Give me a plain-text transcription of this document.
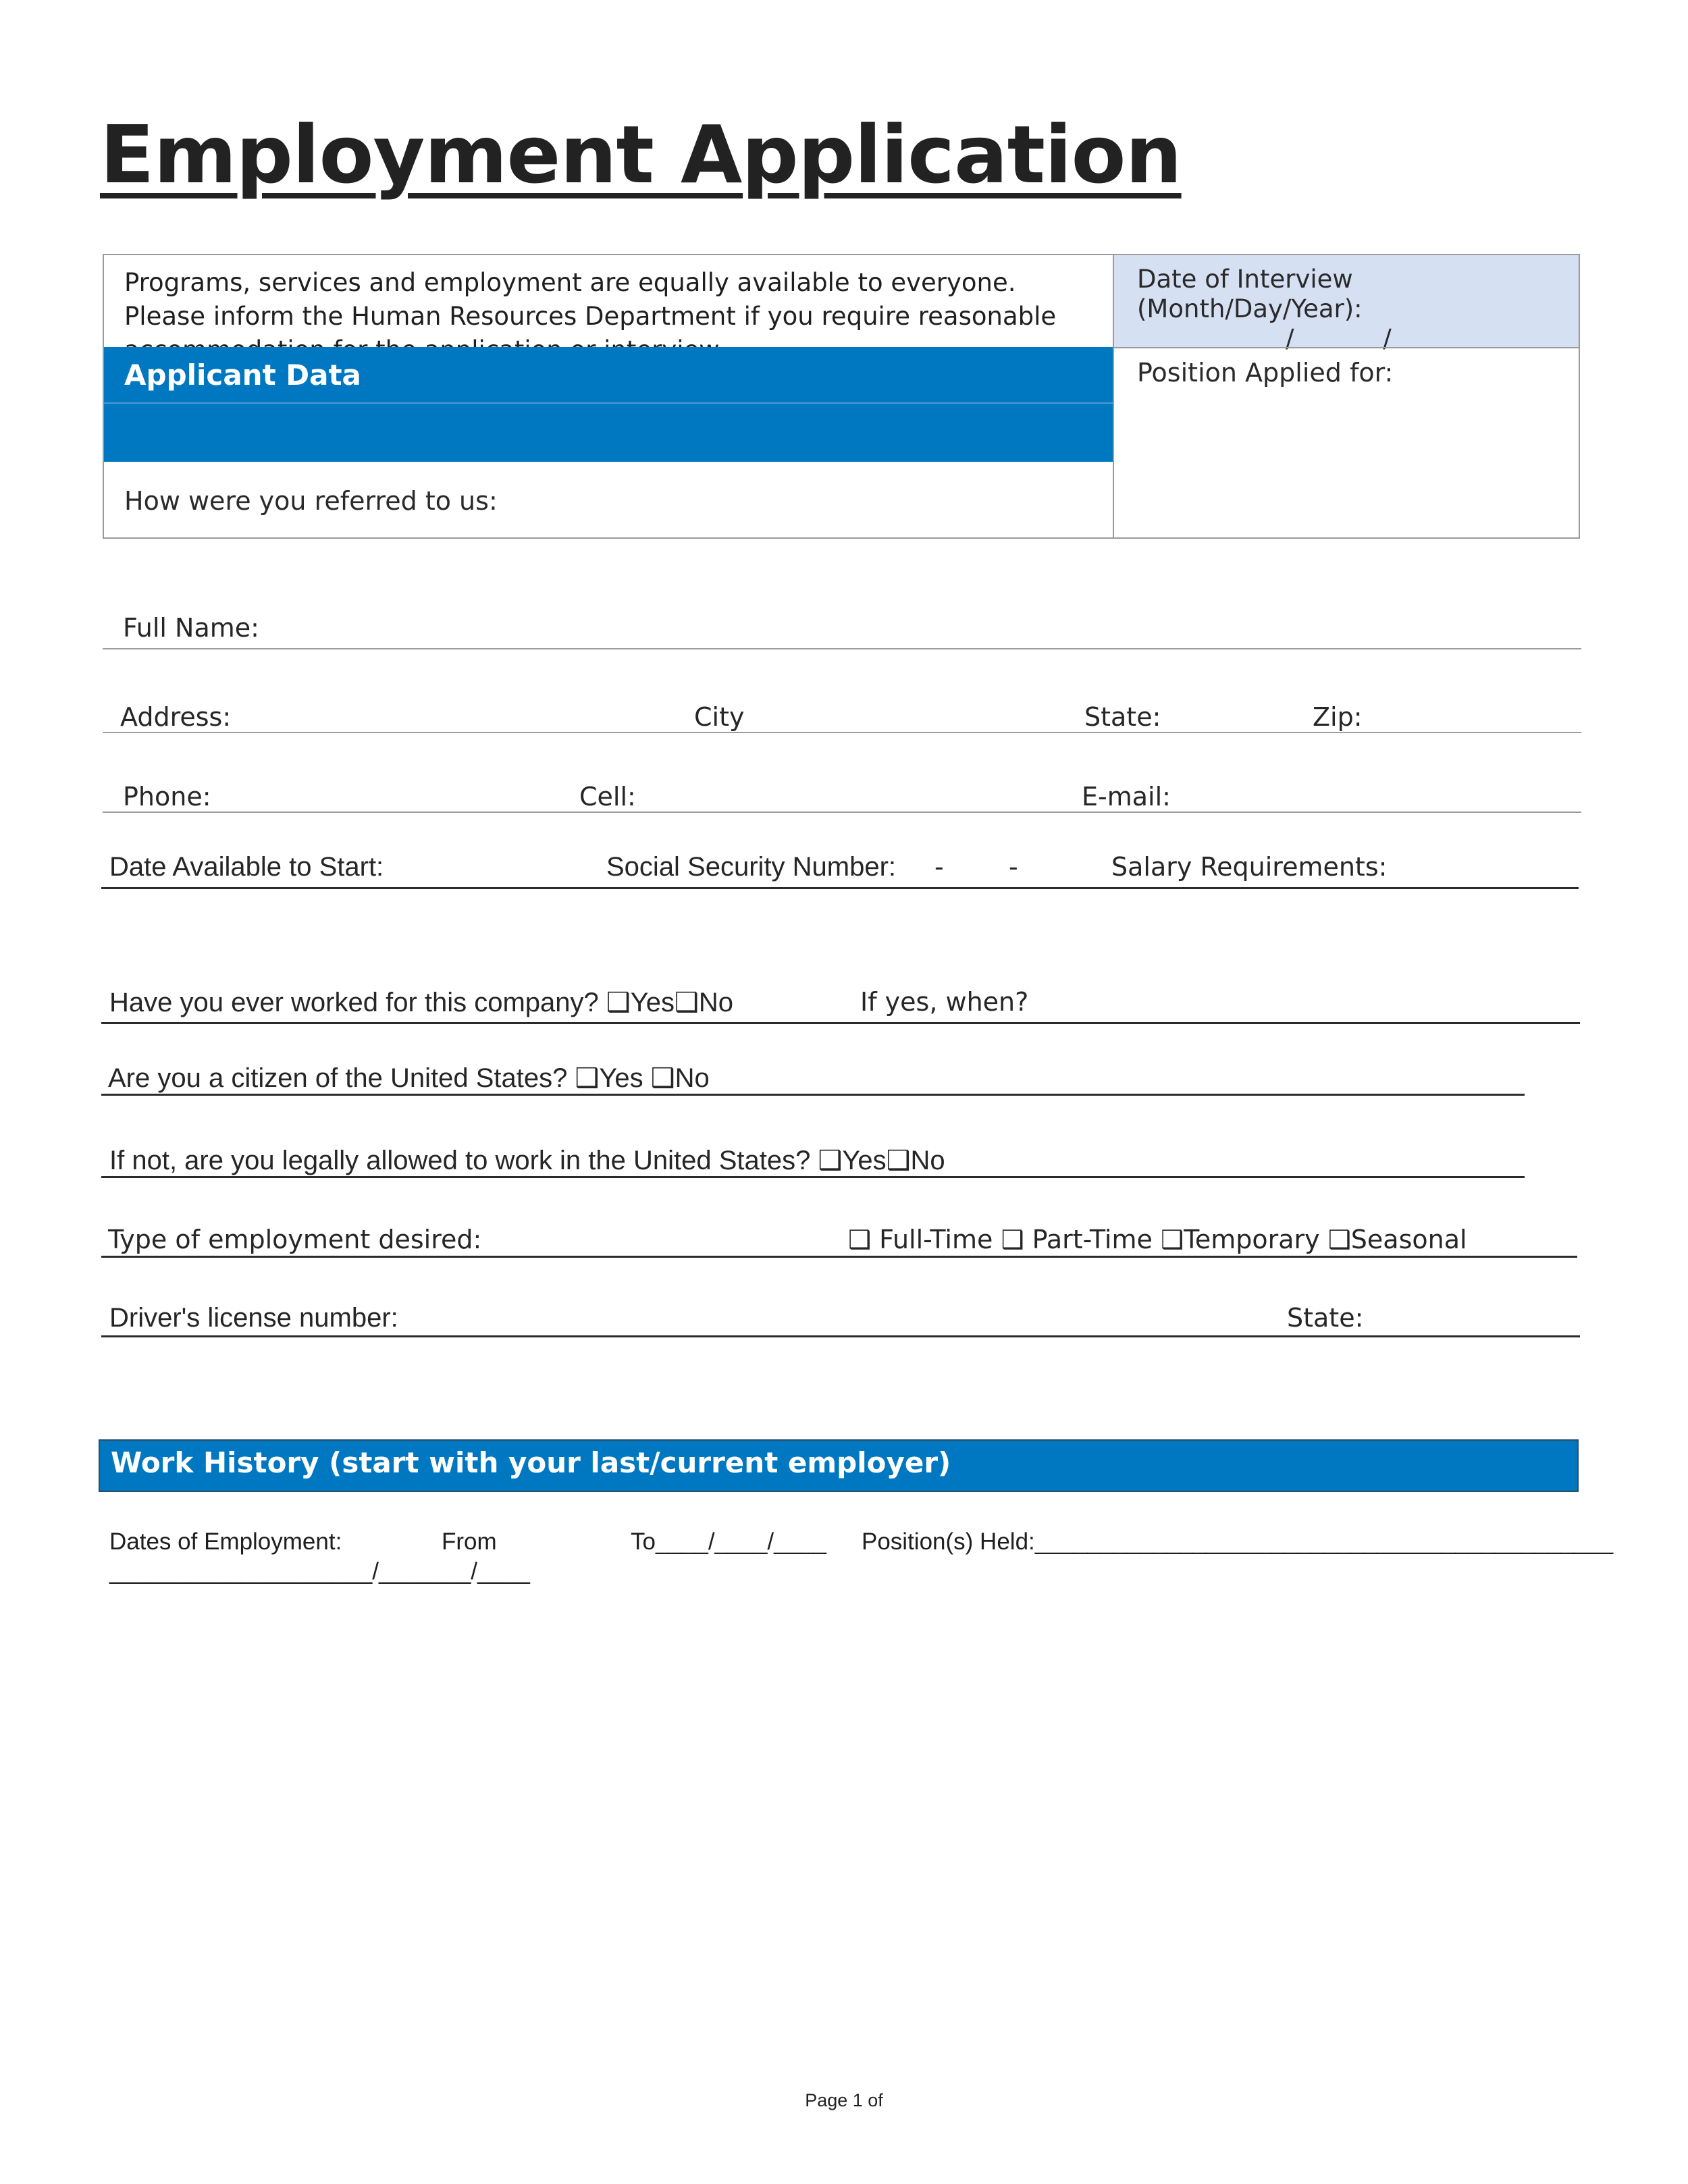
Employment Application
Programs, services and employment are equally available to everyone. Please inform the Human Resources Department if you require reasonable
Date of Interview (Month/Day/Year):
/ /
Applicant Data
How were you referred to us:
Position Applied for:
Full Name:
Address:	City	State:	Zip:
Phone:	Cell:	E-mail:
Date Available to Start:	Social Security Number: -	-	Salary Requirements:
Have you ever worked for this company? ❑Yes❑No	If yes, when?
Are you a citizen of the United States? ❑Yes ❑No
If not, are you legally allowed to work in the United States? ❑Yes❑No
Type of employment desired:	❑ Full-Time ❑ Part-Time ❑Temporary ❑Seasonal
Driver's license number:	State:
Work History (start with your last/current employer)
Dates of Employment:	From	To____/____/____ Position(s) Held:____________________________________________
____________________/_______/____
Page 1 of
